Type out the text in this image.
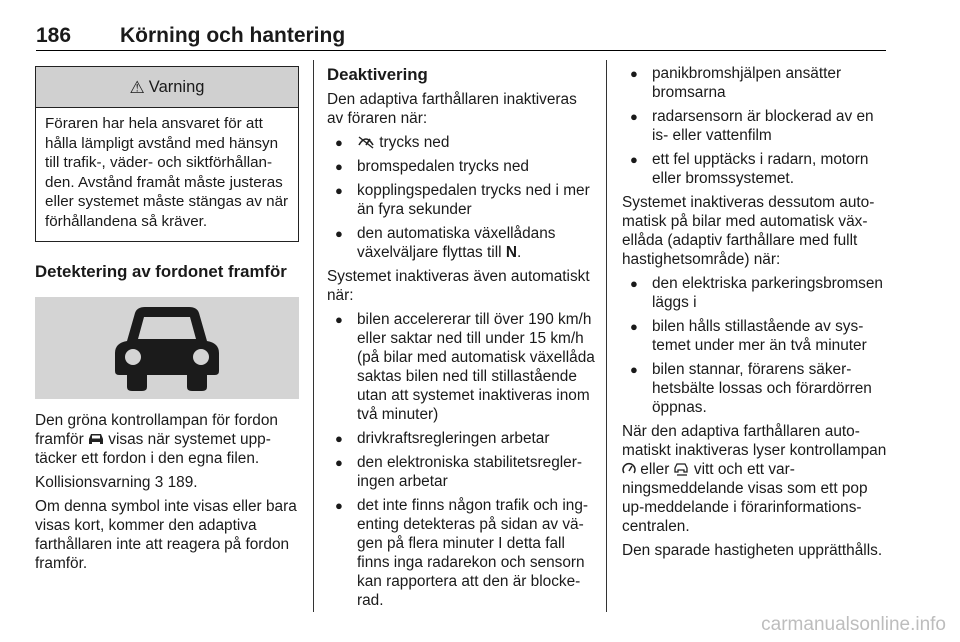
186 Körning och hantering
⚠ Varning
Föraren har hela ansvaret för att hålla lämpligt avstånd med hänsyn till trafik-, väder- och siktförhållanden. Avstånd framåt måste justeras eller systemet måste stängas av när förhållandena så kräver.
Detektering av fordonet framför

Den gröna kontrollampan för fordon framför  visas när systemet upptäcker ett fordon i den egna filen.

Kollisionsvarning 3 189.

Om denna symbol inte visas eller bara visas kort, kommer den adaptiva farthållaren inte att reagera på fordon framför.

Deaktivering

Den adaptiva farthållaren inaktiveras av föraren när:

● trycks ned
● bromspedalen trycks ned
● kopplingspedalen trycks ned i mer än fyra sekunder
● den automatiska växellådans växelväljare flyttas till N.

Systemet inaktiveras även automatiskt när:

● bilen accelererar till över 190 km/h eller saktar ned till under 15 km/h (på bilar med automatisk växellåda saktas bilen ned till stillastående utan att systemet inaktiveras inom två minuter)
● drivkraftsregleringen arbetar
● den elektroniska stabilitetsregleringen arbetar
● det inte finns någon trafik och ingenting detekteras på sidan av vägen på flera minuter I detta fall finns inga radarekon och sensorn kan rapportera att den är blockerad.
● panikbromshjälpen ansätter bromsarna
● radarsensorn är blockerad av en is- eller vattenfilm
● ett fel upptäcks i radarn, motorn eller bromssystemet.

Systemet inaktiveras dessutom automatisk på bilar med automatisk växellåda (adaptiv farthållare med fullt hastighetsområde) när:

● den elektriska parkeringsbromsen läggs i
● bilen hålls stillastående av systemet under mer än två minuter
● bilen stannar, förarens säkerhetsbälte lossas och förardörren öppnas.

När den adaptiva farthållaren automatiskt inaktiveras lyser kontrollampan  eller  vitt och ett varningsmeddelande visas som ett pop up-meddelande i förarinformationscentralen.

Den sparade hastigheten upprätthålls.

carmanualsonline.info
